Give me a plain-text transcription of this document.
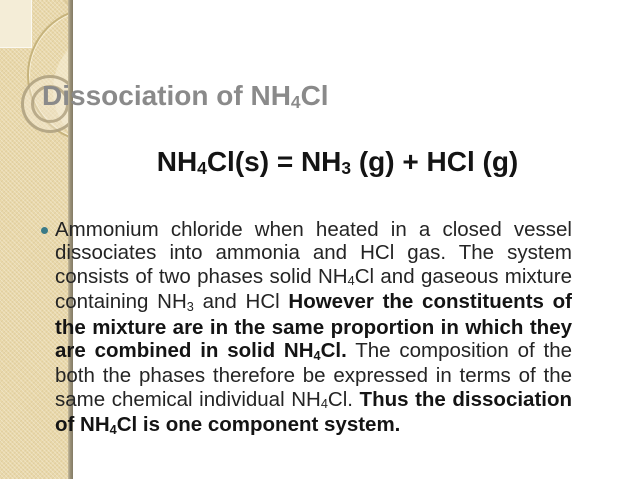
Dissociation of NH4Cl
NH4Cl(s) = NH3 (g) + HCl (g)
Ammonium chloride when heated in a closed vessel
dissociates into ammonia and HCl gas. The system
consists of two phases solid NH4Cl and gaseous mixture
containing NH3 and HCl However the constituents of
the mixture are in the same proportion in which they
are combined in solid NH4Cl. The composition of the
both the phases therefore be expressed in terms of the
same chemical individual NH4Cl. Thus the dissociation
of NH4Cl is one component system.
